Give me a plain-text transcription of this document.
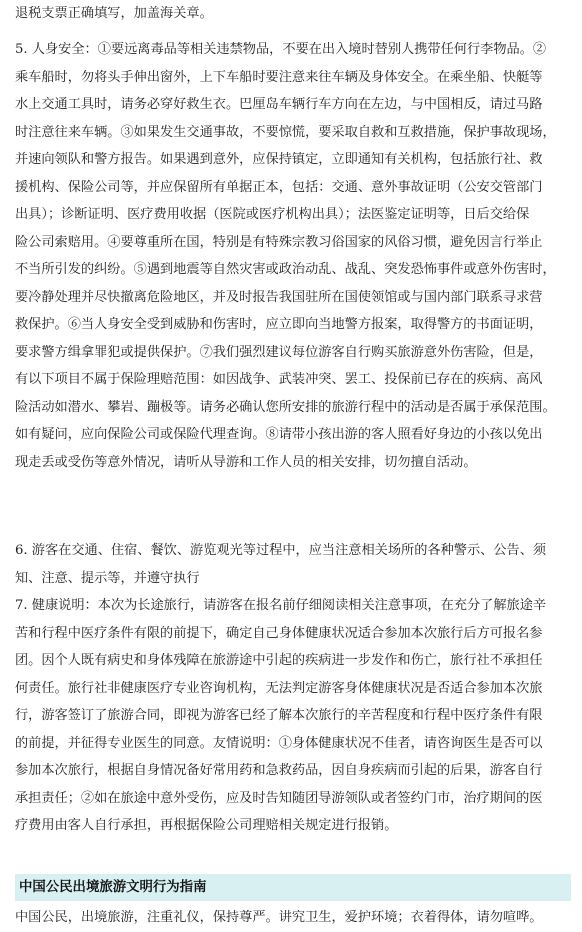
退税支票正确填写，加盖海关章。

5. 人身安全：①要远离毒品等相关违禁物品，不要在出入境时替别人携带任何行李物品。②
乘车船时，勿将头手伸出窗外，上下车船时要注意来往车辆及身体安全。在乘坐船、快艇等
水上交通工具时，请务必穿好救生衣。巴厘岛车辆行车方向在左边，与中国相反，请过马路
时注意往来车辆。③如果发生交通事故，不要惊慌，要采取自救和互救措施，保护事故现场，
并速向领队和警方报告。如果遇到意外，应保持镇定，立即通知有关机构，包括旅行社、救
援机构、保险公司等，并应保留所有单据正本，包括：交通、意外事故证明（公安交管部门
出具）；诊断证明、医疗费用收据（医院或医疗机构出具）；法医鉴定证明等，日后交给保
险公司索赔用。④要尊重所在国，特别是有特殊宗教习俗国家的风俗习惯，避免因言行举止
不当所引发的纠纷。⑤遇到地震等自然灾害或政治动乱、战乱、突发恐怖事件或意外伤害时，
要冷静处理并尽快撤离危险地区，并及时报告我国驻所在国使领馆或与国内部门联系寻求营
救保护。⑥当人身安全受到威胁和伤害时，应立即向当地警方报案，取得警方的书面证明，
要求警方缉拿罪犯或提供保护。⑦我们强烈建议每位游客自行购买旅游意外伤害险，但是，
有以下项目不属于保险理赔范围：如因战争、武装冲突、罢工、投保前已存在的疾病、高风
险活动如潜水、攀岩、蹦极等。请务必确认您所安排的旅游行程中的活动是否属于承保范围。
如有疑问，应向保险公司或保险代理查询。⑧请带小孩出游的客人照看好身边的小孩以免出
现走丢或受伤等意外情况，请听从导游和工作人员的相关安排，切勿擅自活动。

6. 游客在交通、住宿、餐饮、游览观光等过程中，应当注意相关场所的各种警示、公告、须
知、注意、提示等，并遵守执行

7. 健康说明：本次为长途旅行，请游客在报名前仔细阅读相关注意事项，在充分了解旅途辛
苦和行程中医疗条件有限的前提下，确定自己身体健康状况适合参加本次旅行后方可报名参
团。因个人既有病史和身体残障在旅游途中引起的疾病进一步发作和伤亡，旅行社不承担任
何责任。旅行社非健康医疗专业咨询机构，无法判定游客身体健康状况是否适合参加本次旅
行，游客签订了旅游合同，即视为游客已经了解本次旅行的辛苦程度和行程中医疗条件有限
的前提，并征得专业医生的同意。友情说明：①身体健康状况不佳者，请咨询医生是否可以
参加本次旅行，根据自身情况备好常用药和急救药品，因自身疾病而引起的后果，游客自行
承担责任；②如在旅途中意外受伤，应及时告知随团导游领队或者签约门市，治疗期间的医
疗费用由客人自行承担，再根据保险公司理赔相关规定进行报销。

中国公民出境旅游文明行为指南

中国公民，出境旅游，注重礼仪，保持尊严。讲究卫生，爱护环境；衣着得体，请勿喧哗。
